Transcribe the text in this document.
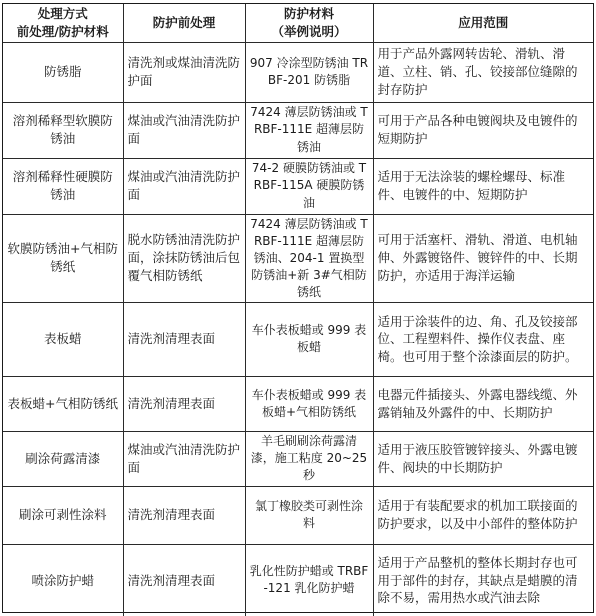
处理方式
前处理/防护材料	防护前处理	防护材料
（举例说明）	应用范围
防锈脂	清洗剂或煤油清洗防护面	907 冷涂型防锈油 TRBF-201 防锈脂	用于产品外露网转齿轮、滑轨、滑道、立柱、销、孔、铰接部位缝隙的封存防护
溶剂稀释型软膜防锈油	煤油或汽油清洗防护面	7424 薄层防锈油或 TRBF-111E 超薄层防锈油	可用于产品各种电镀阀块及电镀件的短期防护
溶剂稀释性硬膜防锈油	煤油或汽油清洗防护面	74-2 硬膜防锈油或 TRBF-115A 硬膜防锈油	适用于无法涂装的螺栓螺母、标准件、电镀件的中、短期防护
软膜防锈油+气相防锈纸	脱水防锈油清洗防护面，涂抹防锈油后包覆气相防锈纸	7424 薄层防锈油或 TRBF-111E 超薄层防锈油、204-1 置换型防锈油+新 3#气相防锈纸	可用于活塞杆、滑轨、滑道、电机轴伸、外露镀铬件、镀锌件的中、长期防护，亦适用于海洋运输
表板蜡	清洗剂清理表面	车仆表板蜡或 999 表板蜡	适用于涂装件的边、角、孔及铰接部位、工程塑料件、操作仪表盘、座椅。也可用于整个涂漆面层的防护。
表板蜡+气相防锈纸	清洗剂清理表面	车仆表板蜡或 999 表板蜡+气相防锈纸	电器元件插接头、外露电器线缆、外露销轴及外露件的中、长期防护
刷涂荷露清漆	煤油或汽油清洗防护面	羊毛刷刷涂荷露清漆，施工粘度 20~25 秒	适用于液压胶管镀锌接头、外露电镀件、阀块的中长期防护
刷涂可剥性涂料	清洗剂清理表面	氯丁橡胶类可剥性涂料	适用于有装配要求的机加工联接面的防护要求，以及中小部件的整体防护
喷涂防护蜡	清洗剂清理表面	乳化性防护蜡或 TRBF-121 乳化防护蜡	适用于产品整机的整体长期封存也可用于部件的封存，其缺点是蜡膜的清除不易，需用热水或汽油去除
